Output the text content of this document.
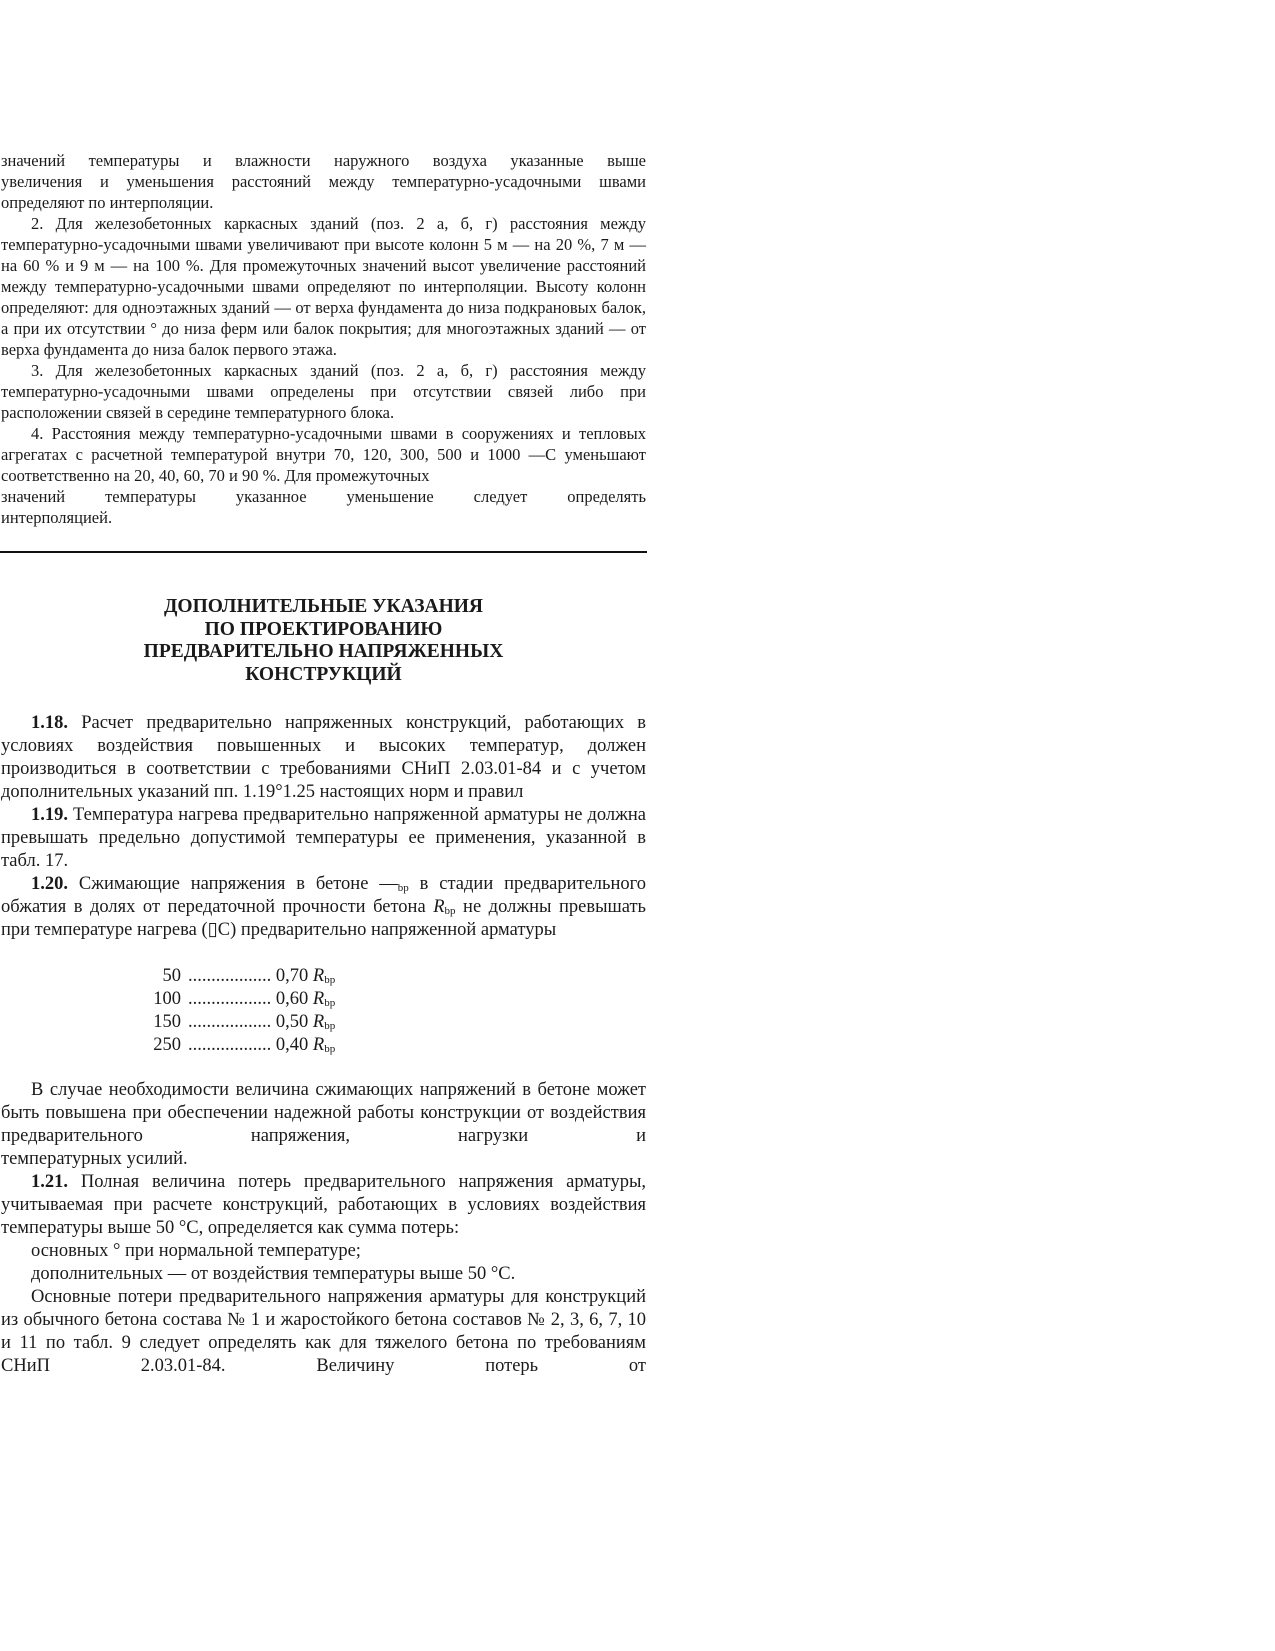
значений температуры и влажности наружного воздуха указанные выше

увеличения и уменьшения расстояний между температурно-усадочными швами определяют по интерполяции.

2. Для железобетонных каркасных зданий (поз. 2 а, б, г) расстояния между температурно-усадочными швами увеличивают при высоте колонн 5 м — на 20 %, 7 м — на 60 % и 9 м — на 100 %. Для промежуточных значений высот увеличение расстояний между температурно-усадочными швами определяют по интерполяции. Высоту колонн определяют: для одноэтажных зданий — от верха фундамента до низа подкрановых балок, а при их отсутствии ° до низа ферм или балок покрытия; для многоэтажных зданий — от верха фундамента до низа балок первого этажа.

3. Для железобетонных каркасных зданий (поз. 2 а, б, г) расстояния между температурно-усадочными швами определены при отсутствии связей либо при расположении связей в середине температурного блока.

4. Расстояния между температурно-усадочными швами в сооружениях и тепловых агрегатах с расчетной температурой внутри 70, 120, 300, 500 и 1000 —С уменьшают соответственно на 20, 40, 60, 70 и 90 %. Для промежуточных

значений температуры указанное уменьшение следует определять

интерполяцией.

ДОПОЛНИТЕЛЬНЫЕ УКАЗАНИЯ
ПО ПРОЕКТИРОВАНИЮ
ПРЕДВАРИТЕЛЬНО НАПРЯЖЕННЫХ
КОНСТРУКЦИЙ

1.18. Расчет предварительно напряженных конструкций, работающих в условиях воздействия повышенных и высоких температур, должен производиться в соответствии с требованиями СНиП 2.03.01-84 и с учетом дополнительных указаний пп. 1.19°1.25 настоящих норм и правил

1.19. Температура нагрева предварительно напряженной арматуры не должна превышать предельно допустимой температуры ее применения, указанной в табл. 17.

1.20. Сжимающие напряжения в бетоне $—_{bp}$ в стадии предварительного обжатия в долях от передаточной прочности бетона $R_{bp}$ не должны превышать при температуре нагрева (▯С) предварительно напряженной арматуры

50 .................. 0,70 $R_{bp}$
100 .................. 0,60 $R_{bp}$
150 .................. 0,50 $R_{bp}$
250 .................. 0,40 $R_{bp}$

В случае необходимости величина сжимающих напряжений в бетоне может быть повышена при обеспечении надежной работы конструкции от воздействия предварительного напряжения, нагрузки и

температурных усилий.

1.21. Полная величина потерь предварительного напряжения арматуры, учитываемая при расчете конструкций, работающих в условиях воздействия температуры выше 50 °С, определяется как сумма потерь:

основных ° при нормальной температуре;

дополнительных — от воздействия температуры выше 50 °С.

Основные потери предварительного напряжения арматуры для конструкций из обычного бетона состава № 1 и жаростойкого бетона составов № 2, 3, 6, 7, 10 и 11 по табл. 9 следует определять как для тяжелого бетона по требованиям СНиП 2.03.01-84. Величину потерь от
